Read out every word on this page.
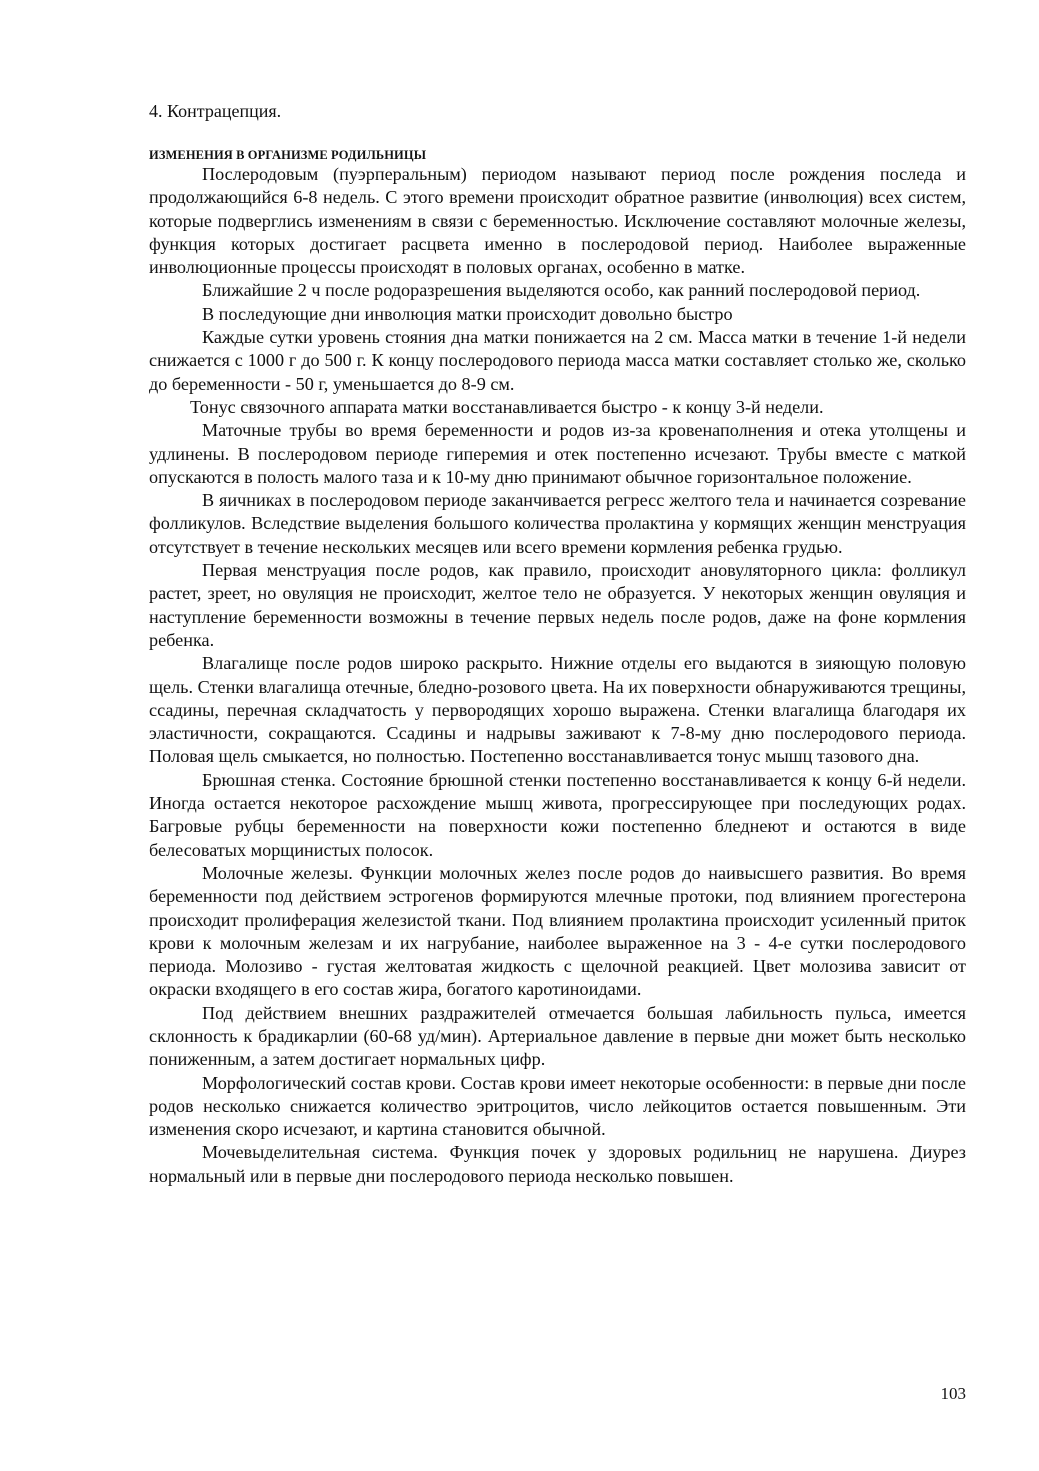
4. Контрацепция.

ИЗМЕНЕНИЯ В ОРГАНИЗМЕ РОДИЛЬНИЦЫ

Послеродовым (пуэрперальным) периодом называют период после рождения последа и продолжающийся 6-8 недель. С этого времени происходит обратное развитие (инволюция) всех систем, которые подверглись изменениям в связи с беременностью. Исключение составляют молочные железы, функция которых достигает расцвета именно в послеродовой период. Наиболее выраженные инволюционные процессы происходят в половых органах, особенно в матке.

Ближайшие 2 ч после родоразрешения выделяются особо, как ранний послеродовой период.

В последующие дни инволюция матки происходит довольно быстро

Каждые сутки уровень стояния дна матки понижается на 2 см. Масса матки в течение 1-й недели снижается с 1000 г до 500 г. К концу послеродового периода масса матки составляет столько же, сколько до беременности - 50 г, уменьшается до 8-9 см.

Тонус связочного аппарата матки восстанавливается быстро - к концу 3-й недели.

Маточные трубы во время беременности и родов из-за кровенаполнения и отека утолщены и удлинены. В послеродовом периоде гиперемия и отек постепенно исчезают. Трубы вместе с маткой опускаются в полость малого таза и к 10-му дню принимают обычное горизонтальное положение.

В яичниках в послеродовом периоде заканчивается регресс желтого тела и начинается созревание фолликулов. Вследствие выделения большого количества пролактина у кормящих женщин менструация отсутствует в течение нескольких месяцев или всего времени кормления ребенка грудью.

Первая менструация после родов, как правило, происходит ановуляторного цикла: фолликул растет, зреет, но овуляция не происходит, желтое тело не образуется. У некоторых женщин овуляция и наступление беременности возможны в течение первых недель после родов, даже на фоне кормления ребенка.

Влагалище после родов широко раскрыто. Нижние отделы его выдаются в зияющую половую щель. Стенки влагалища отечные, бледно-розового цвета. На их поверхности обнаруживаются трещины, ссадины, перечная складчатость у первородящих хорошо выражена. Стенки влагалища благодаря их эластичности, сокращаются. Ссадины и надрывы заживают к 7-8-му дню послеродового периода. Половая щель смыкается, но полностью. Постепенно восстанавливается тонус мышц тазового дна.

Брюшная стенка. Состояние брюшной стенки постепенно восстанавливается к концу 6-й недели. Иногда остается некоторое расхождение мышц живота, прогрессирующее при последующих родах. Багровые рубцы беременности на поверхности кожи постепенно бледнеют и остаются в виде белесоватых морщинистых полосок.

Молочные железы. Функции молочных желез после родов до наивысшего развития. Во время беременности под действием эстрогенов формируются млечные протоки, под влиянием прогестерона происходит пролиферация железистой ткани. Под влиянием пролактина происходит усиленный приток крови к молочным железам и их нагрубание, наиболее выраженное на 3 - 4-е сутки послеродового периода. Молозиво - густая желтоватая жидкость с щелочной реакцией. Цвет молозива зависит от окраски входящего в его состав жира, богатого каротиноидами.

Под действием внешних раздражителей отмечается большая лабильность пульса, имеется склонность к брадикарлии (60-68 уд/мин). Артериальное давление в первые дни может быть несколько пониженным, а затем достигает нормальных цифр.

Морфологический состав крови. Состав крови имеет некоторые особенности: в первые дни после родов несколько снижается количество эритроцитов, число лейкоцитов остается повышенным. Эти изменения скоро исчезают, и картина становится обычной.

Мочевыделительная система. Функция почек у здоровых родильниц не нарушена. Диурез нормальный или в первые дни послеродового периода несколько повышен.

103
